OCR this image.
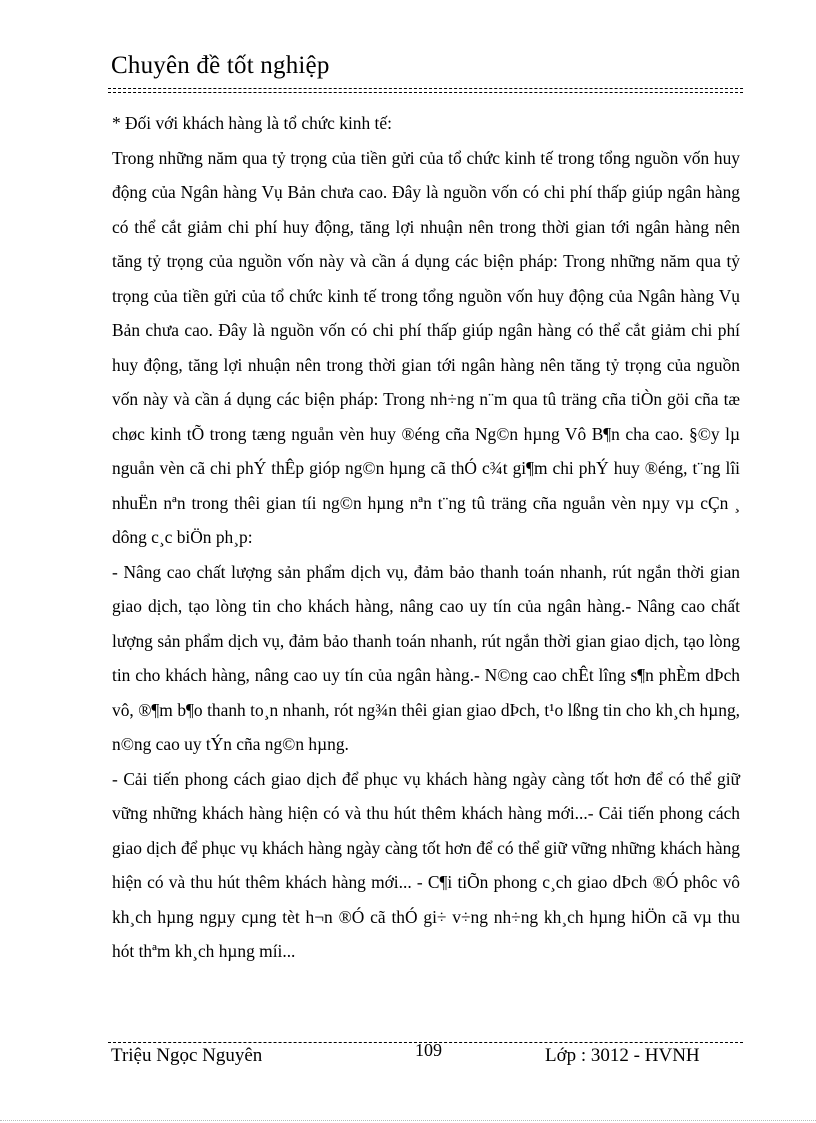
Chuyên đề tốt nghiệp

* Đối với khách hàng là tổ chức kinh tế:

Trong những năm qua tỷ trọng của tiền gửi của tổ chức kinh tế trong tổng nguồn vốn huy động của Ngân hàng Vụ Bản chưa cao. Đây là nguồn vốn có chi phí thấp giúp ngân hàng có thể cắt giảm chi phí huy động, tăng lợi nhuận nên trong thời gian tới ngân hàng nên tăng tỷ trọng của nguồn vốn này và cần á dụng các biện pháp: Trong những năm qua tỷ trọng của tiền gửi của tổ chức kinh tế trong tổng nguồn vốn huy động của Ngân hàng Vụ Bản chưa cao. Đây là nguồn vốn có chi phí thấp giúp ngân hàng có thể cắt giảm chi phí huy động, tăng lợi nhuận nên trong thời gian tới ngân hàng nên tăng tỷ trọng của nguồn vốn này và cần á dụng các biện pháp: Trong nh÷ng n¨m qua tû träng cña tiÒn göi cña tæ chøc kinh tÕ trong tæng nguån vèn huy ®éng cña Ng©n hµng Vô B¶n cha cao. §©y lµ nguån vèn cã chi phÝ thÊp gióp ng©n hµng cã thÓ c¾t gi¶m chi phÝ huy ®éng, t¨ng lîi nhuËn nªn trong thêi gian tíi ng©n hµng nªn t¨ng tû träng cña nguån vèn nµy vµ cÇn ¸ dông c¸c biÖn ph¸p:

- Nâng cao chất lượng sản phẩm dịch vụ, đảm bảo thanh toán nhanh, rút ngắn thời gian giao dịch, tạo lòng tin cho khách hàng, nâng cao uy tín của ngân hàng.- Nâng cao chất lượng sản phẩm dịch vụ, đảm bảo thanh toán nhanh, rút ngắn thời gian giao dịch, tạo lòng tin cho khách hàng, nâng cao uy tín của ngân hàng.- N©ng cao chÊt lîng s¶n phÈm dÞch vô, ®¶m b¶o thanh to¸n nhanh, rót ng¾n thêi gian giao dÞch, t¹o lßng tin cho kh¸ch hµng, n©ng cao uy tÝn cña ng©n hµng.

- Cải tiến phong cách giao dịch để phục vụ khách hàng ngày càng tốt hơn để có thể giữ vững những khách hàng hiện có và thu hút thêm khách hàng mới...- Cải tiến phong cách giao dịch để phục vụ khách hàng ngày càng tốt hơn để có thể giữ vững những khách hàng hiện có và thu hút thêm khách hàng mới... - C¶i tiÕn phong c¸ch giao dÞch ®Ó phôc vô kh¸ch hµng ngµy cµng tèt h¬n ®Ó cã thÓ gi÷ v÷ng nh÷ng kh¸ch hµng hiÖn cã vµ thu hót thªm kh¸ch hµng míi...

Triệu Ngọc Nguyên	109	Lớp : 3012 - HVNH
